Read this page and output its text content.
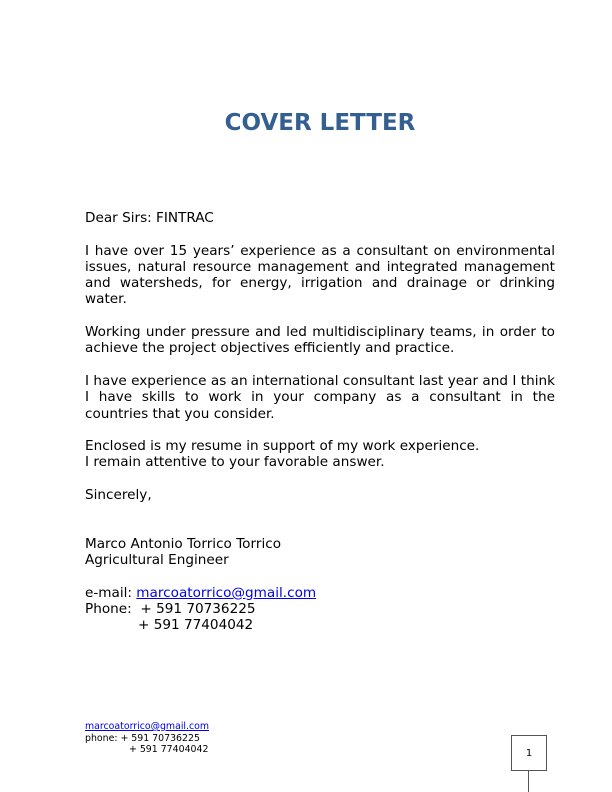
COVER LETTER

Dear Sirs: FINTRAC

I have over 15 years’ experience as a consultant on environmental issues, natural resource management and integrated management and watersheds, for energy, irrigation and drainage or drinking water.

Working under pressure and led multidisciplinary teams, in order to achieve the project objectives efficiently and practice.

I have experience as an international consultant last year and I think I have skills to work in your company as a consultant in the countries that you consider.

Enclosed is my resume in support of my work experience.
I remain attentive to your favorable answer.

Sincerely,

Marco Antonio Torrico Torrico
Agricultural Engineer
e-mail: marcoatorrico@gmail.com
Phone: + 591 70736225
+ 591 77404042
marcoatorrico@gmail.com
phone: + 591 70736225
+ 591 77404042	1
